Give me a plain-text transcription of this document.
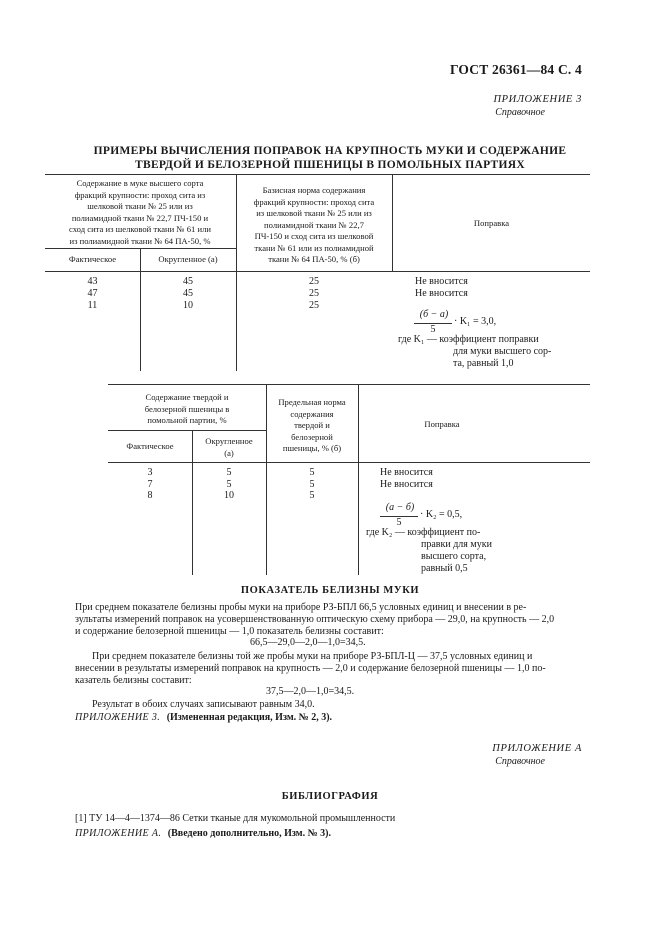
ГОСТ 26361—84 С. 4
ПРИЛОЖЕНИЕ 3
Справочное
ПРИМЕРЫ ВЫЧИСЛЕНИЯ ПОПРАВОК НА КРУПНОСТЬ МУКИ И СОДЕРЖАНИЕ
ТВЕРДОЙ И БЕЛОЗЕРНОЙ ПШЕНИЦЫ В ПОМОЛЬНЫХ ПАРТИЯХ
Содержание в муке высшего сорта
фракций крупности: проход сита из
шелковой ткани № 25 или из
полиамидной ткани № 22,7 ПЧ-150 и
сход сита из шелковой ткани № 61 или
из полиамидной ткани № 64 ПА-50, %
Фактическое	Округленное (а)
Базисная норма содержания
фракций крупности: проход сита
из шелковой ткани № 25 или из
полиамидной ткани № 22,7
ПЧ-150 и сход сита из шелковой
ткани № 61 или из полиамидной
ткани № 64 ПА-50, % (б)
Поправка
43	45	25	Не вносится
47	45	25	Не вносится
11	10	25
(б − а)
5
· K₁ = 3,0,
где K₁ — коэффициент поправки
для муки высшего сор-
та, равный 1,0
Содержание твердой и
белозерной пшеницы в
помольной партии, %
Фактическое	Округленное
(а)
Предельная норма
содержания
твердой и
белозерной
пшеницы, % (б)
Поправка
3	5	5	Не вносится
7	5	5	Не вносится
8	10	5
(а − б)
5
· K₂ = 0,5,
где K₂ — коэффициент по-
правки для муки
высшего сорта,
равный 0,5
ПОКАЗАТЕЛЬ БЕЛИЗНЫ МУКИ
При среднем показателе белизны пробы муки на приборе РЗ-БПЛ 66,5 условных единиц и внесении в ре-
зультаты измерений поправок на усовершенствованную оптическую схему прибора — 29,0, на крупность — 2,0
и содержание белозерной пшеницы — 1,0 показатель белизны составит:
66,5—29,0—2,0—1,0=34,5.
При среднем показателе белизны той же пробы муки на приборе РЗ-БПЛ-Ц — 37,5 условных единиц и
внесении в результаты измерений поправок на крупность — 2,0 и содержание белозерной пшеницы — 1,0 по-
казатель белизны составит:
37,5—2,0—1,0=34,5.
Результат в обоих случаях записывают равным 34,0.
ПРИЛОЖЕНИЕ 3. (Измененная редакция, Изм. № 2, 3).
ПРИЛОЖЕНИЕ А
Справочное
БИБЛИОГРАФИЯ
[1] ТУ 14—4—1374—86 Сетки тканые для мукомольной промышленности
ПРИЛОЖЕНИЕ А. (Введено дополнительно, Изм. № 3).
